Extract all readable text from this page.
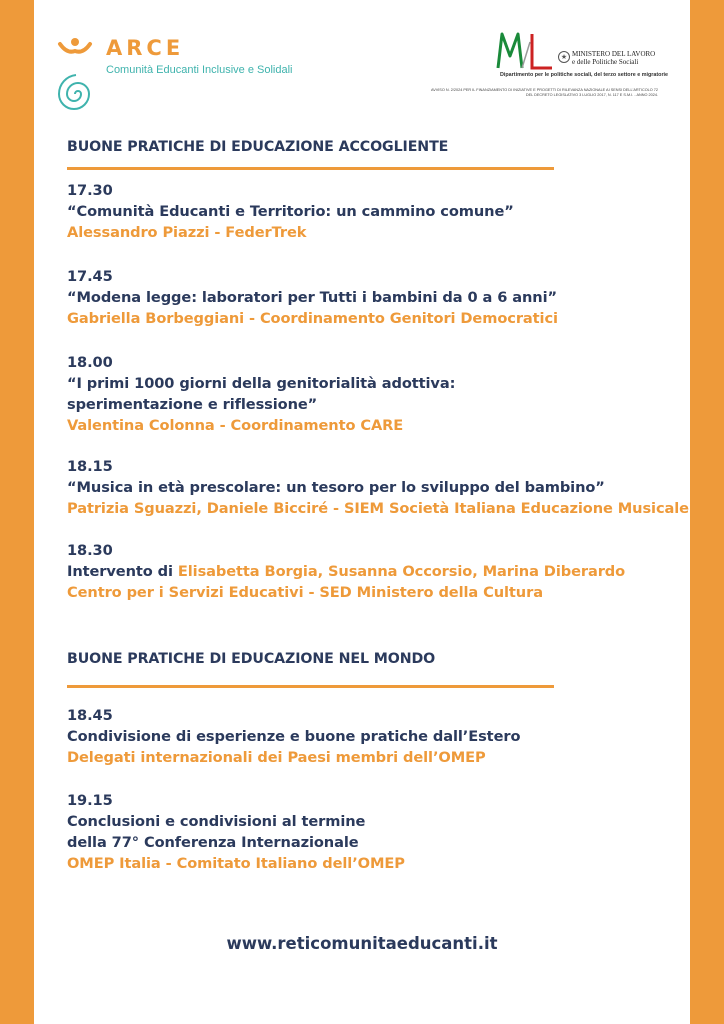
ARCE
Comunità Educanti Inclusive e Solidali
★ MINISTERO DEL LAVORO
e delle Politiche Sociali
Dipartimento per le politiche sociali, del terzo settore e migratorie
AVVISO N. 2/2024 PER IL FINANZIAMENTO DI INIZIATIVE E PROGETTI DI RILEVANZA NAZIONALE AI SENSI DELL'ARTICOLO 72 DEL DECRETO LEGISLATIVO 3 LUGLIO 2017, N. 117 E S.M.I. - ANNO 2024.
BUONE PRATICHE DI EDUCAZIONE ACCOGLIENTE
17.30
“Comunità Educanti e Territorio: un cammino comune”
Alessandro Piazzi - FederTrek
17.45
“Modena legge: laboratori per Tutti i bambini da 0 a 6 anni”
Gabriella Borbeggiani - Coordinamento Genitori Democratici
18.00
“I primi 1000 giorni della genitorialità adottiva:
sperimentazione e riflessione”
Valentina Colonna - Coordinamento CARE
18.15
“Musica in età prescolare: un tesoro per lo sviluppo del bambino”
Patrizia Sguazzi, Daniele Bicciré - SIEM Società Italiana Educazione Musicale
18.30
Intervento di Elisabetta Borgia, Susanna Occorsio, Marina Diberardo
Centro per i Servizi Educativi - SED Ministero della Cultura
BUONE PRATICHE DI EDUCAZIONE NEL MONDO
18.45
Condivisione di esperienze e buone pratiche dall’Estero
Delegati internazionali dei Paesi membri dell’OMEP
19.15
Conclusioni e condivisioni al termine
della 77° Conferenza Internazionale
OMEP Italia - Comitato Italiano dell’OMEP
www.reticomunitaeducanti.it
